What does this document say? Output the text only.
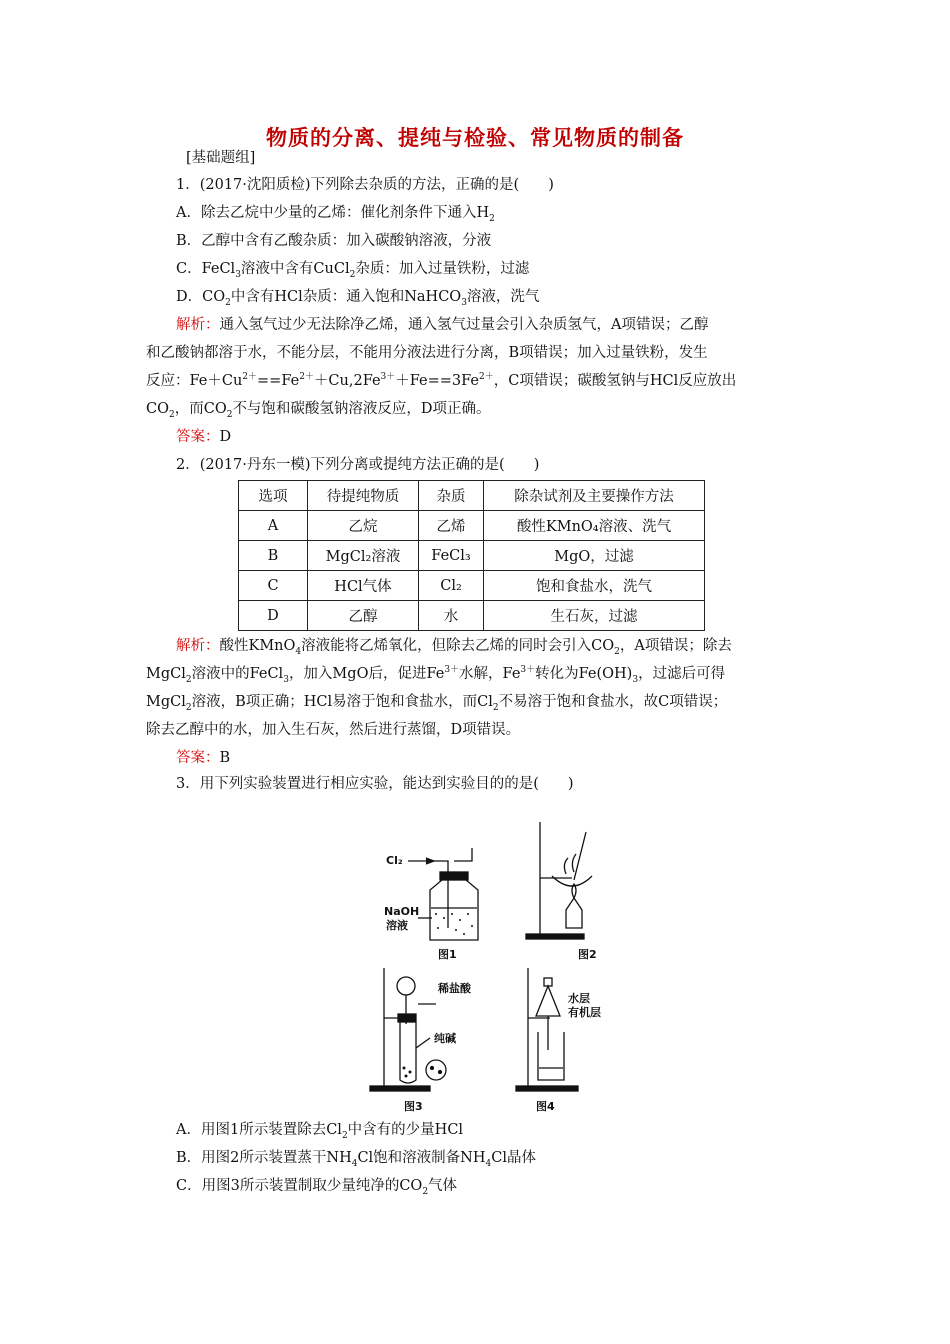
物质的分离、提纯与检验、常见物质的制备
[基础题组]
1．(2017·沈阳质检)下列除去杂质的方法，正确的是(　　)
A．除去乙烷中少量的乙烯：催化剂条件下通入$H_2$
B．乙醇中含有乙酸杂质：加入碳酸钠溶液，分液
C．FeCl$_3$溶液中含有CuCl$_2$杂质：加入过量铁粉，过滤
D．$CO_2$中含有HCl杂质：通入饱和NaHCO$_3$溶液，洗气
解析：通入氢气过少无法除净乙烯，通入氢气过量会引入杂质氢气，A项错误；乙醇
和乙酸钠都溶于水，不能分层，不能用分液法进行分离，B项错误；加入过量铁粉，发生
反应：$Fe+Cu^{2+}==Fe^{2+}+Cu,2Fe^{3+}+Fe==3Fe^{2+}$，C项错误；碳酸氢钠与HCl反应放出
$CO_2$，而$CO_2$不与饱和碳酸氢钠溶液反应，D项正确。
答案：D
2．(2017·丹东一模)下列分离或提纯方法正确的是(　　)
选项	待提纯物质	杂质	除杂试剂及主要操作方法
A	乙烷	乙烯	酸性KMnO₄溶液、洗气
B	MgCl₂溶液	FeCl₃	MgO，过滤
C	HCl气体	Cl₂	饱和食盐水，洗气
D	乙醇	水	生石灰，过滤
解析：酸性KMnO$_4$溶液能将乙烯氧化，但除去乙烯的同时会引入$CO_2$，A项错误；除去
MgCl$_2$溶液中的FeCl$_3$，加入MgO后，促进$Fe^{3+}$水解，$Fe^{3+}$转化为$Fe(OH)_3$，过滤后可得
MgCl$_2$溶液，B项正确；HCl易溶于饱和食盐水，而$Cl_2$不易溶于饱和食盐水，故C项错误；
除去乙醇中的水，加入生石灰，然后进行蒸馏，D项错误。
答案：B
3．用下列实验装置进行相应实验，能达到实验目的的是(　　)
Cl₂
NaOH
溶液
图1	图2
稀盐酸
纯碱
图3
水层
有机层
图4
A．用图1所示装置除去$Cl_2$中含有的少量HCl
B．用图2所示装置蒸干$NH_4Cl$饱和溶液制备$NH_4Cl$晶体
C．用图3所示装置制取少量纯净的$CO_2$气体
